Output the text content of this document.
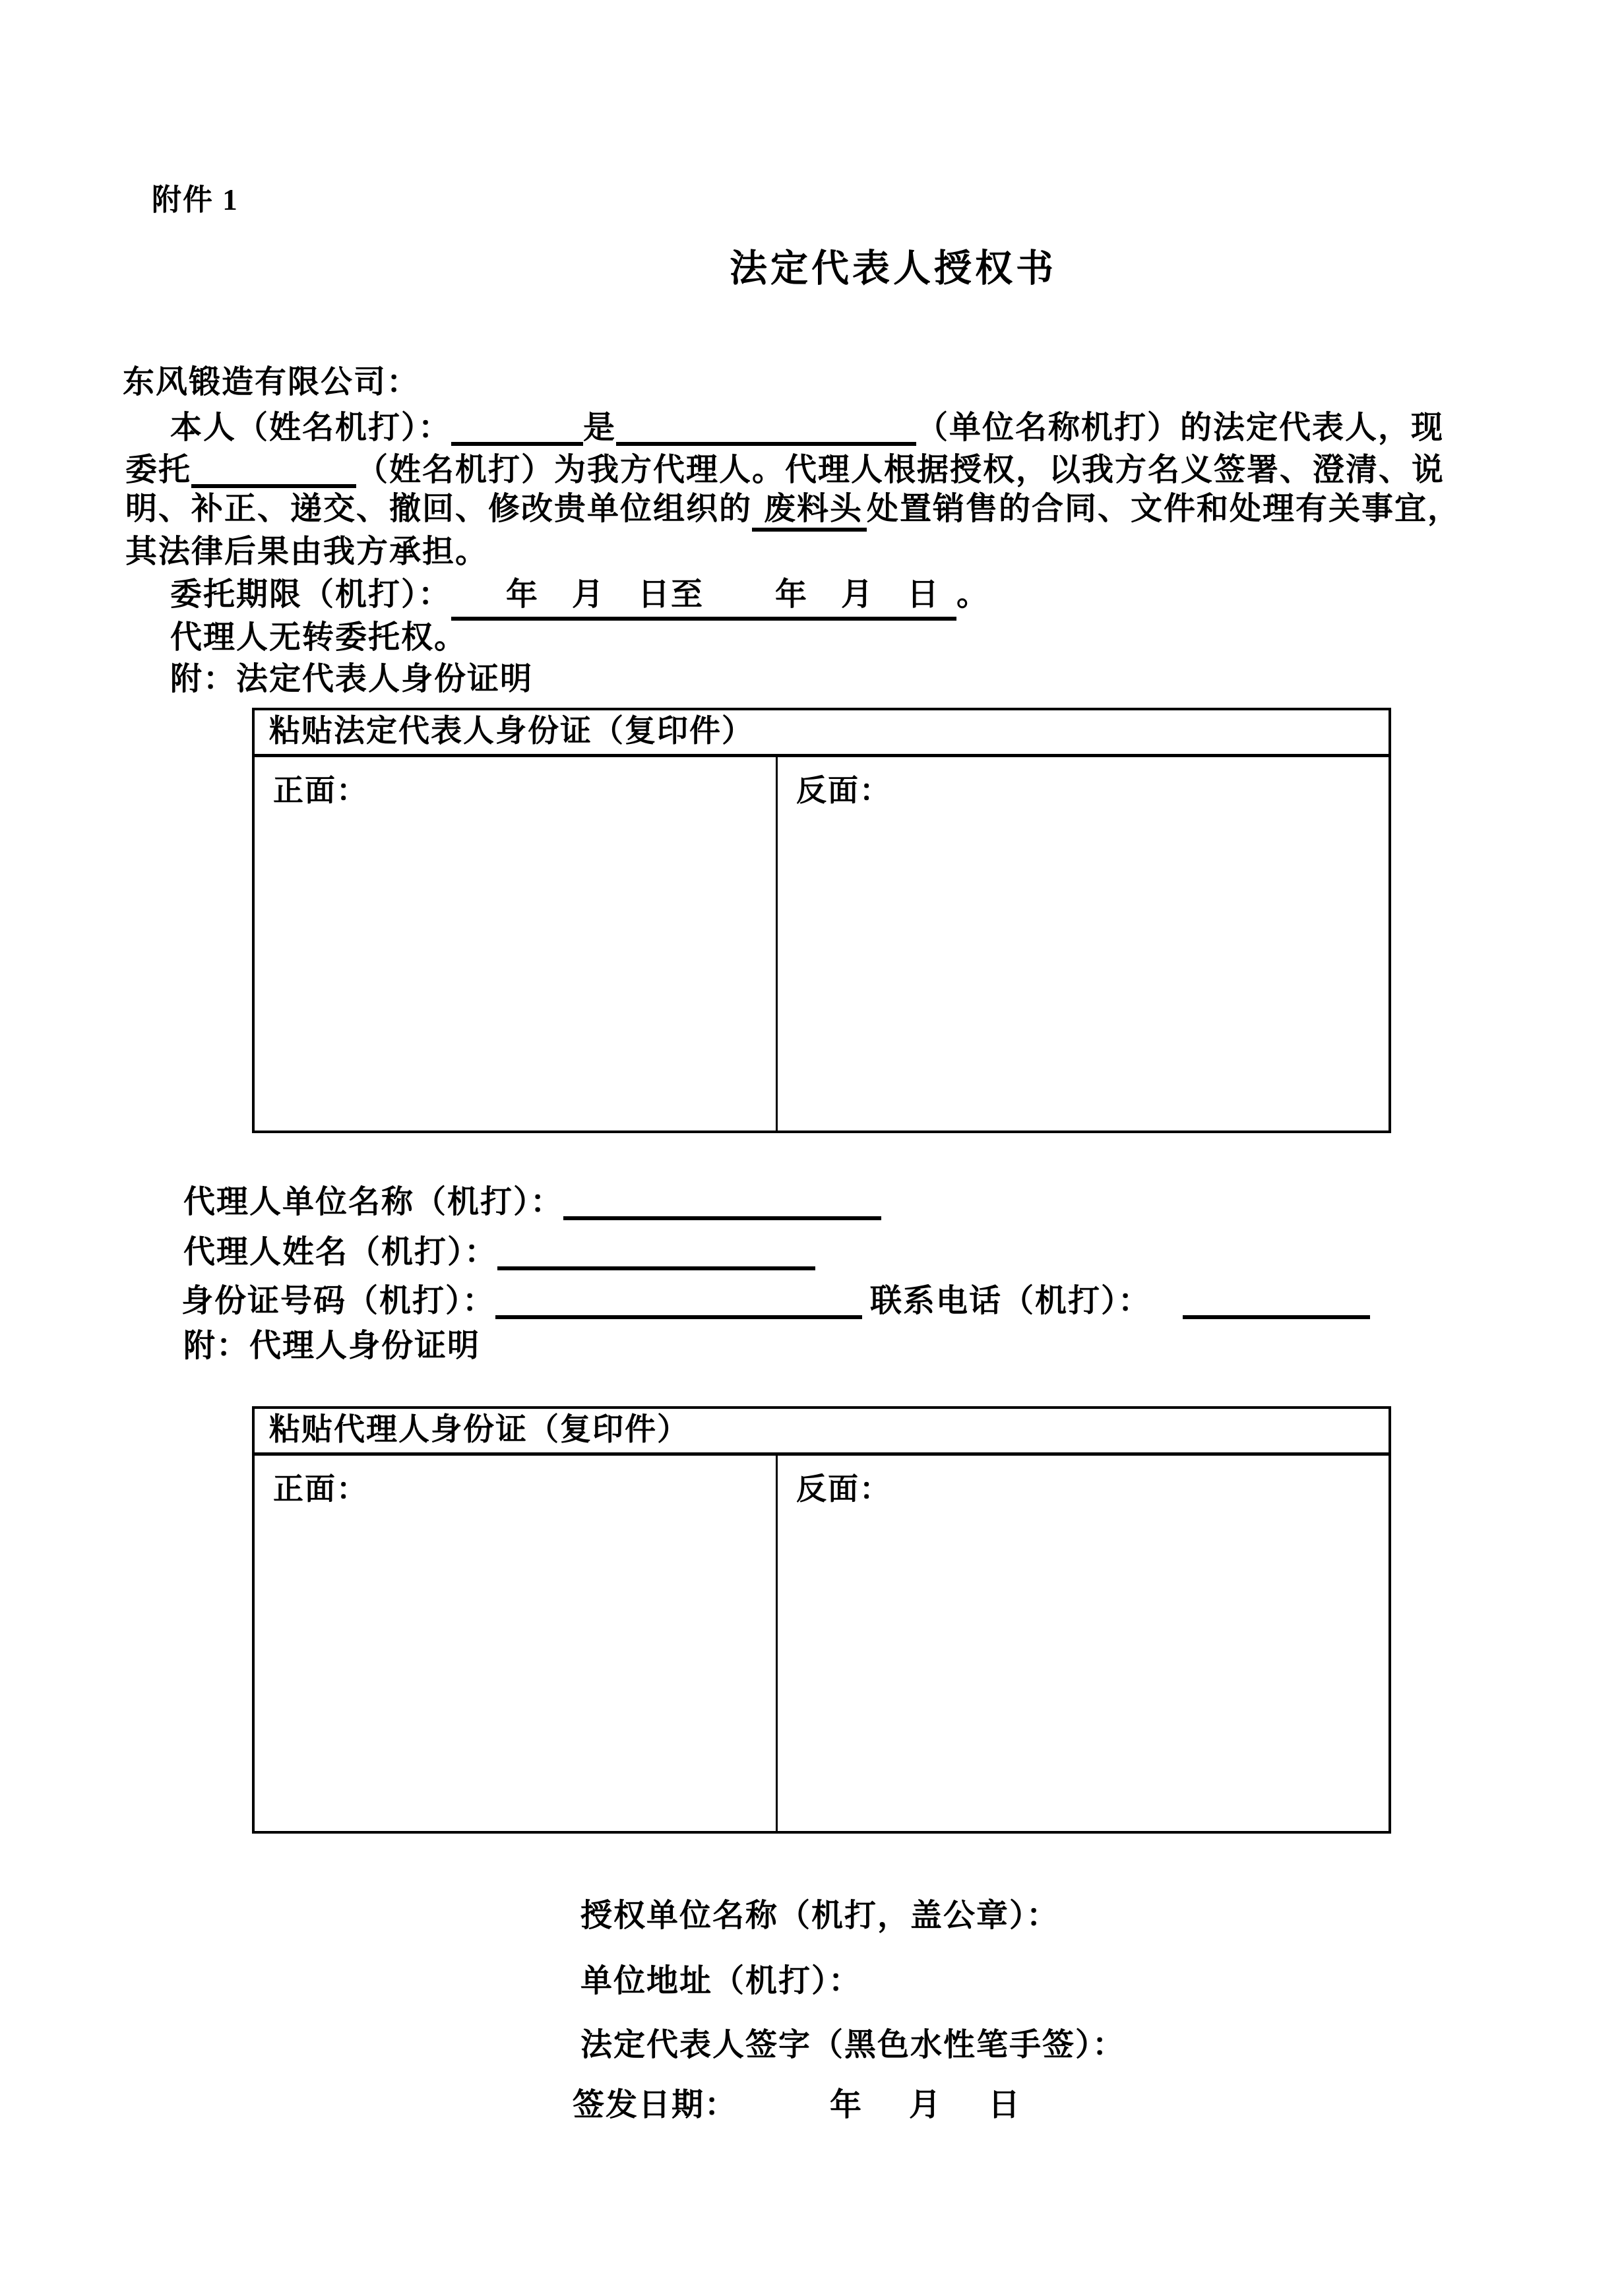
附件 1
法定代表人授权书
东风锻造有限公司：
本人（姓名机打）：	是	（单位名称机打）的法定代表人，现
委托	（姓名机打）为我方代理人。代理人根据授权，以我方名义签署、澄清、说
明、补正、递交、撤回、修改贵单位组织的 废料头 处置销售的合同、文件和处理有关事宜，
其法律后果由我方承担。
委托期限（机打）： 年　月　日至 年　月　日 。
代理人无转委托权。
附：法定代表人身份证明
粘贴法定代表人身份证（复印件）
正面：	反面：
代理人单位名称（机打）：
代理人姓名（机打）：
身份证号码（机打）：	联系电话（机打）：
附：代理人身份证明
粘贴代理人身份证（复印件）
正面：	反面：
授权单位名称（机打，盖公章）：
单位地址（机打）：
法定代表人签字（黑色水性笔手签）：
签发日期：	年　月　日
